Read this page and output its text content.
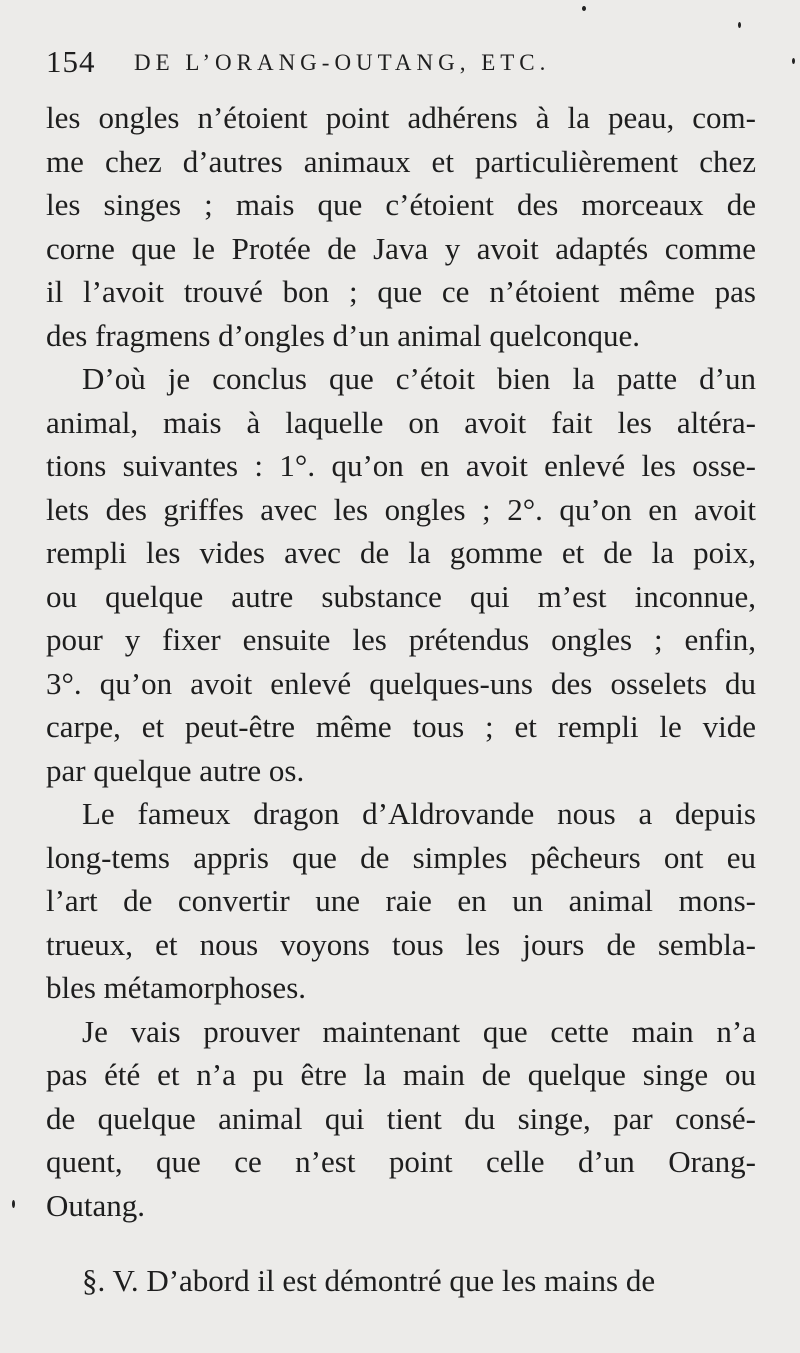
154 DE L’ORANG-OUTANG, ETC.
les ongles n’étoient point adhérens à la peau, com-
me chez d’autres animaux et particulièrement chez
les singes ; mais que c’étoient des morceaux de
corne que le Protée de Java y avoit adaptés comme
il l’avoit trouvé bon ; que ce n’étoient même pas
des fragmens d’ongles d’un animal quelconque.
D’où je conclus que c’étoit bien la patte d’un
animal, mais à laquelle on avoit fait les altéra-
tions suivantes : 1°. qu’on en avoit enlevé les osse-
lets des griffes avec les ongles ; 2°. qu’on en avoit
rempli les vides avec de la gomme et de la poix,
ou quelque autre substance qui m’est inconnue,
pour y fixer ensuite les prétendus ongles ; enfin,
3°. qu’on avoit enlevé quelques-uns des osselets du
carpe, et peut-être même tous ; et rempli le vide
par quelque autre os.
Le fameux dragon d’Aldrovande nous a depuis
long-tems appris que de simples pêcheurs ont eu
l’art de convertir une raie en un animal mons-
trueux, et nous voyons tous les jours de sembla-
bles métamorphoses.
Je vais prouver maintenant que cette main n’a
pas été et n’a pu être la main de quelque singe ou
de quelque animal qui tient du singe, par consé-
quent, que ce n’est point celle d’un Orang-
Outang.
§. V. D’abord il est démontré que les mains de
